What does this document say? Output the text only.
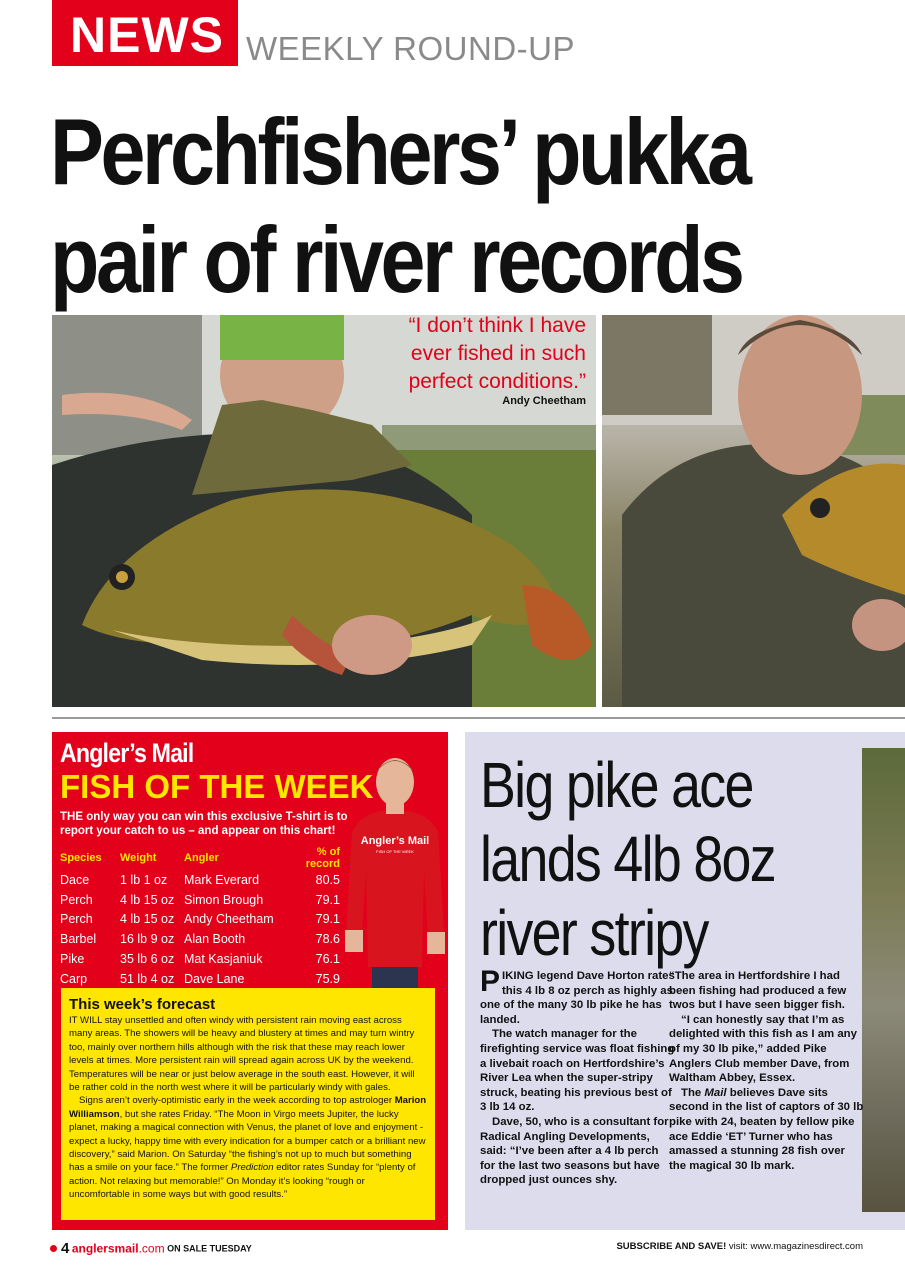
NEWS WEEKLY ROUND-UP
Perchfishers’ pukka
pair of river records
“I don’t think I have
ever fished in such
perfect conditions.”
Andy Cheetham
Angler’s Mail
FISH OF THE WEEK
THE only way you can win this exclusive T-shirt is to report your catch to us – and appear on this chart!
Species	Weight	Angler	% of record
Dace	1 lb 1 oz	Mark Everard	80.5
Perch	4 lb 15 oz	Simon Brough	79.1
Perch	4 lb 15 oz	Andy Cheetham	79.1
Barbel	16 lb 9 oz	Alan Booth	78.6
Pike	35 lb 6 oz	Mat Kasjaniuk	76.1
Carp	51 lb 4 oz	Dave Lane	75.9
Angler’s Mail
FISH OF THE WEEK
This week’s forecast

IT WILL stay unsettled and often windy with persistent rain moving east across many areas. The showers will be heavy and blustery at times and may turn wintry too, mainly over northern hills although with the risk that these may reach lower levels at times. More persistent rain will spread again across UK by the weekend. Temperatures will be near or just below average in the south east. However, it will be rather cold in the north west where it will be particularly windy with gales.

Signs aren’t overly-optimistic early in the week according to top astrologer Marion Williamson, but she rates Friday. “The Moon in Virgo meets Jupiter, the lucky planet, making a magical connection with Venus, the planet of love and enjoyment - expect a lucky, happy time with every indication for a bumper catch or a brilliant new discovery,” said Marion. On Saturday “the fishing’s not up to much but something has a smile on your face.” The former Prediction editor rates Sunday for “plenty of action. Not relaxing but memorable!” On Monday it’s looking “rough or uncomfortable in some ways but with good results.”

Big pike ace
lands 4lb 8oz
river stripy

PIKING legend Dave Horton rates this 4 lb 8 oz perch as highly as one of the many 30 lb pike he has landed.

The watch manager for the firefighting service was float fishing a livebait roach on Hertfordshire’s River Lea when the super-stripy struck, beating his previous best of 3 lb 14 oz.

Dave, 50, who is a consultant for Radical Angling Developments, said: “I’ve been after a 4 lb perch for the last two seasons but have dropped just ounces shy.

“The area in Hertfordshire I had been fishing had produced a few twos but I have seen bigger fish.

“I can honestly say that I’m as delighted with this fish as I am any of my 30 lb pike,” added Pike Anglers Club member Dave, from Waltham Abbey, Essex.

The Mail believes Dave sits second in the list of captors of 30 lb pike with 24, beaten by fellow pike ace Eddie ‘ET’ Turner who has amassed a stunning 28 fish over the magical 30 lb mark.

4 anglersmail.com ON SALE TUESDAY	SUBSCRIBE AND SAVE! visit: www.magazinesdirect.com
